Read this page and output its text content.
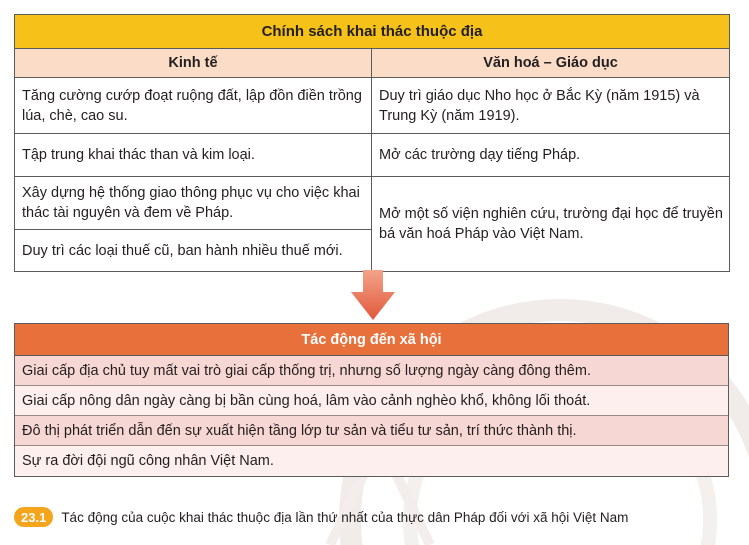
Chính sách khai thác thuộc địa	
Kinh tế	Văn hoá – Giáo dục
Tăng cường cướp đoạt ruộng đất, lập đồn điền trồng lúa, chè, cao su.	Duy trì giáo dục Nho học ở Bắc Kỳ (năm 1915) và Trung Kỳ (năm 1919).
Tập trung khai thác than và kim loại.	Mở các trường dạy tiếng Pháp.
Xây dựng hệ thống giao thông phục vụ cho việc khai thác tài nguyên và đem về Pháp.	Mở một số viện nghiên cứu, trường đại học để truyền bá văn hoá Pháp vào Việt Nam.
Duy trì các loại thuế cũ, ban hành nhiều thuế mới.	
Tác động đến xã hội
Giai cấp địa chủ tuy mất vai trò giai cấp thống trị, nhưng số lượng ngày càng đông thêm.
Giai cấp nông dân ngày càng bị bần cùng hoá, lâm vào cảnh nghèo khổ, không lối thoát.
Đô thị phát triển dẫn đến sự xuất hiện tầng lớp tư sản và tiểu tư sản, trí thức thành thị.
Sự ra đời đội ngũ công nhân Việt Nam.
23.1	Tác động của cuộc khai thác thuộc địa lần thứ nhất của thực dân Pháp đối với xã hội Việt Nam
